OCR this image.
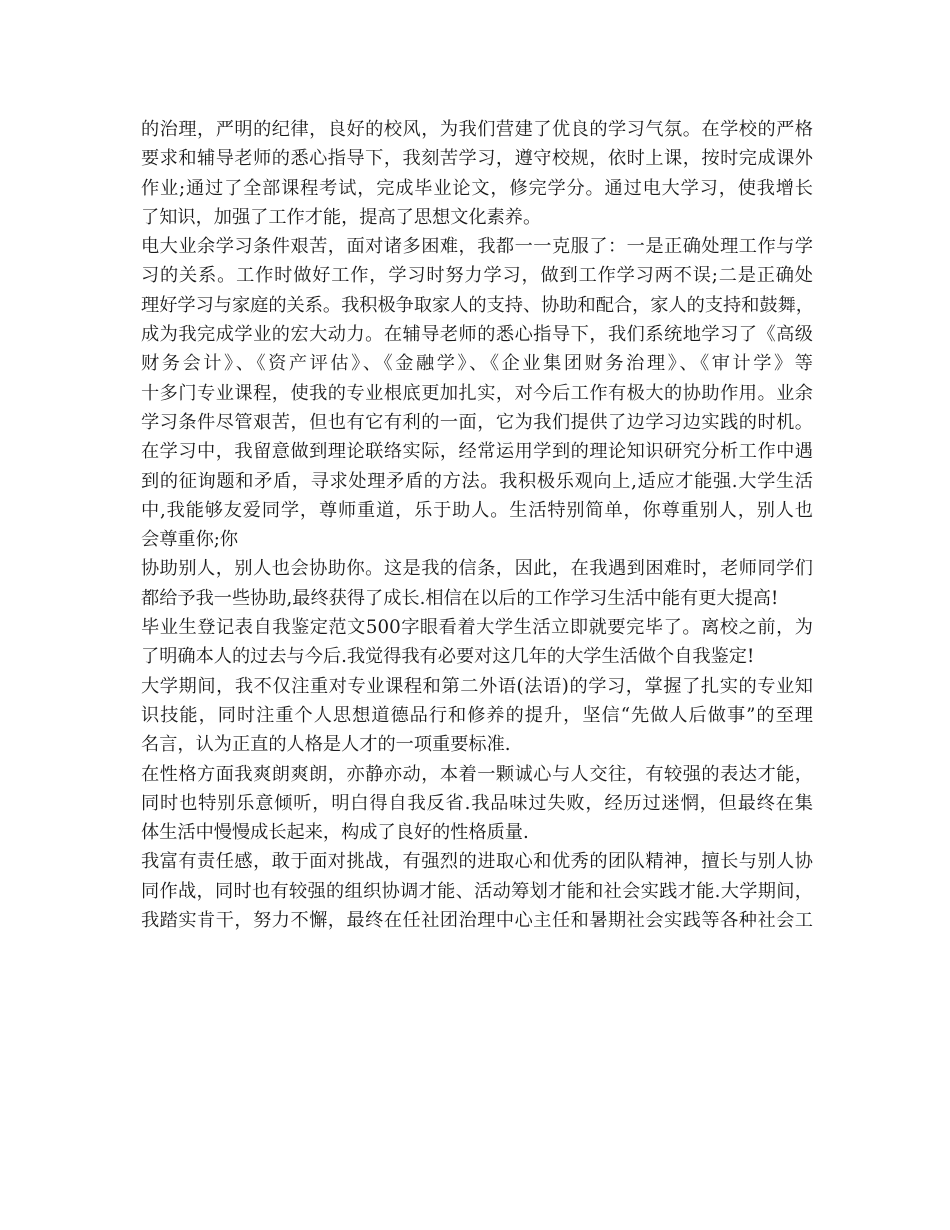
的治理，严明的纪律，良好的校风，为我们营建了优良的学习气氛。在学校的严格
要求和辅导老师的悉心指导下，我刻苦学习，遵守校规，依时上课，按时完成课外
作业;通过了全部课程考试，完成毕业论文，修完学分。通过电大学习，使我增长
了知识，加强了工作才能，提高了思想文化素养。
电大业余学习条件艰苦，面对诸多困难，我都一一克服了：一是正确处理工作与学
习的关系。工作时做好工作，学习时努力学习，做到工作学习两不误;二是正确处
理好学习与家庭的关系。我积极争取家人的支持、协助和配合，家人的支持和鼓舞，
成为我完成学业的宏大动力。在辅导老师的悉心指导下，我们系统地学习了《高级
财务会计》、《资产评估》、《金融学》、《企业集团财务治理》、《审计学》等
十多门专业课程，使我的专业根底更加扎实，对今后工作有极大的协助作用。业余
学习条件尽管艰苦，但也有它有利的一面，它为我们提供了边学习边实践的时机。
在学习中，我留意做到理论联络实际，经常运用学到的理论知识研究分析工作中遇
到的征询题和矛盾，寻求处理矛盾的方法。我积极乐观向上,适应才能强.大学生活
中,我能够友爱同学，尊师重道，乐于助人。生活特别简单，你尊重别人，别人也
会尊重你;你
协助别人，别人也会协助你。这是我的信条，因此，在我遇到困难时，老师同学们
都给予我一些协助,最终获得了成长.相信在以后的工作学习生活中能有更大提高!
毕业生登记表自我鉴定范文500字眼看着大学生活立即就要完毕了。离校之前，为
了明确本人的过去与今后.我觉得我有必要对这几年的大学生活做个自我鉴定!
大学期间，我不仅注重对专业课程和第二外语(法语)的学习，掌握了扎实的专业知
识技能，同时注重个人思想道德品行和修养的提升，坚信“先做人后做事”的至理
名言，认为正直的人格是人才的一项重要标准.
在性格方面我爽朗爽朗，亦静亦动，本着一颗诚心与人交往，有较强的表达才能，
同时也特别乐意倾听，明白得自我反省.我品味过失败，经历过迷惘，但最终在集
体生活中慢慢成长起来，构成了良好的性格质量.
我富有责任感，敢于面对挑战，有强烈的进取心和优秀的团队精神，擅长与别人协
同作战，同时也有较强的组织协调才能、活动筹划才能和社会实践才能.大学期间，
我踏实肯干，努力不懈，最终在任社团治理中心主任和暑期社会实践等各种社会工
